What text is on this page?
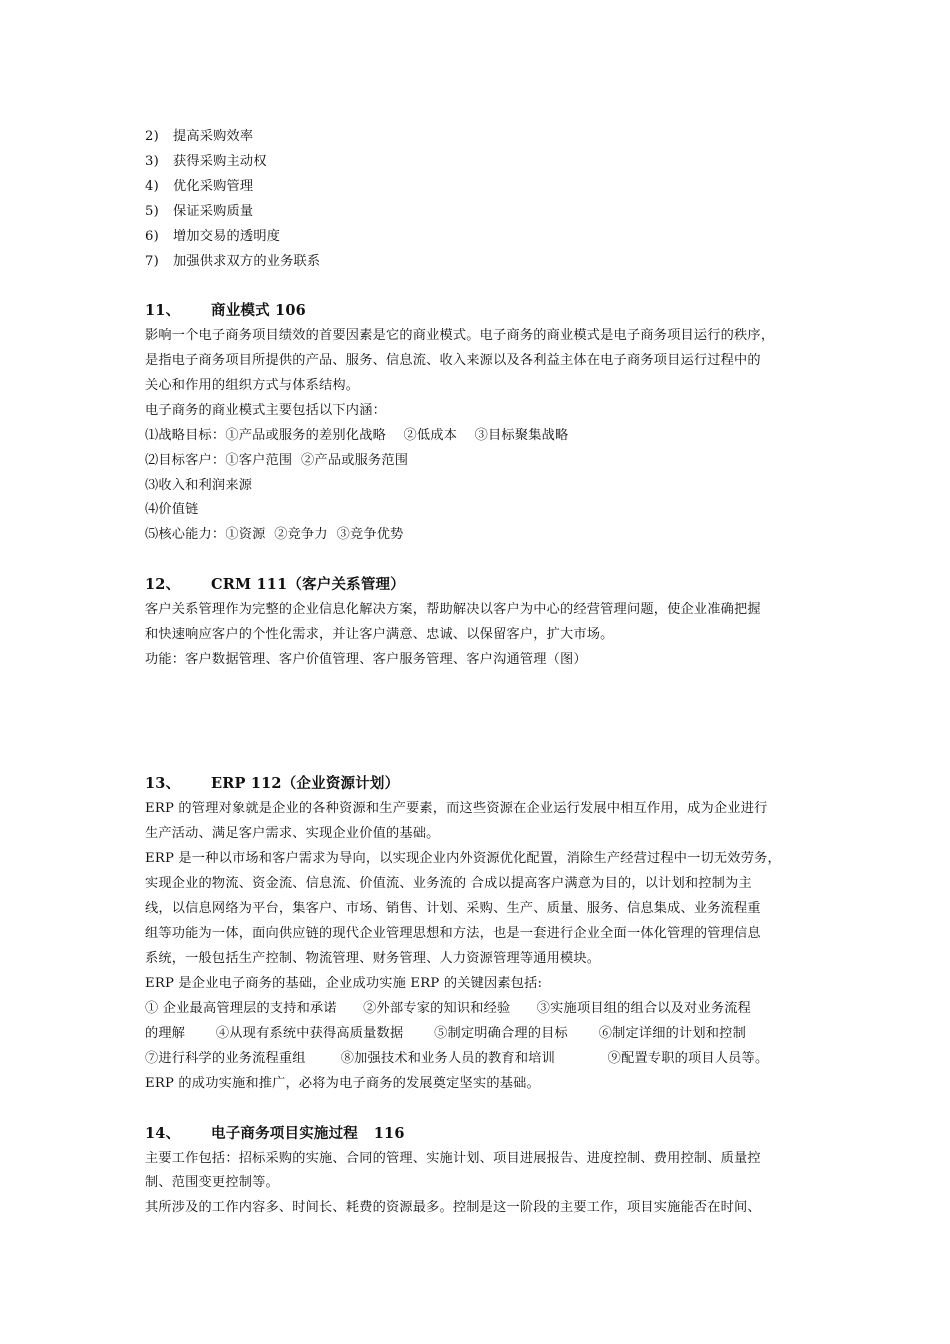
2)	提高采购效率
3)	获得采购主动权
4)	优化采购管理
5)	保证采购质量
6)	增加交易的透明度
7)	加强供求双方的业务联系
11、 商业模式 106
影响一个电子商务项目绩效的首要因素是它的商业模式。电子商务的商业模式是电子商务项目运行的秩序，
是指电子商务项目所提供的产品、服务、信息流、收入来源以及各利益主体在电子商务项目运行过程中的
关心和作用的组织方式与体系结构。
电子商务的商业模式主要包括以下内涵：
⑴战略目标：①产品或服务的差别化战略    ②低成本    ③目标聚集战略
⑵目标客户：①客户范围  ②产品或服务范围
⑶收入和利润来源
⑷价值链
⑸核心能力：①资源  ②竞争力  ③竞争优势
12、 CRM 111（客户关系管理）
客户关系管理作为完整的企业信息化解决方案，帮助解决以客户为中心的经营管理问题，使企业准确把握
和快速响应客户的个性化需求，并让客户满意、忠诚、以保留客户，扩大市场。
功能：客户数据管理、客户价值管理、客户服务管理、客户沟通管理（图）
13、 ERP 112（企业资源计划）
ERP 的管理对象就是企业的各种资源和生产要素，而这些资源在企业运行发展中相互作用，成为企业进行
生产活动、满足客户需求、实现企业价值的基础。
ERP 是一种以市场和客户需求为导向，以实现企业内外资源优化配置，消除生产经营过程中一切无效劳务，
实现企业的物流、资金流、信息流、价值流、业务流的 合成以提高客户满意为目的，以计划和控制为主
线，以信息网络为平台，集客户、市场、销售、计划、采购、生产、质量、服务、信息集成、业务流程重
组等功能为一体，面向供应链的现代企业管理思想和方法，也是一套进行企业全面一体化管理的管理信息
系统，一般包括生产控制、物流管理、财务管理、人力资源管理等通用模块。
ERP 是企业电子商务的基础，企业成功实施 ERP 的关键因素包括:
① 企业最高管理层的支持和承诺      ②外部专家的知识和经验      ③实施项目组的组合以及对业务流程
的理解       ④从现有系统中获得高质量数据       ⑤制定明确合理的目标       ⑥制定详细的计划和控制
⑦进行科学的业务流程重组        ⑧加强技术和业务人员的教育和培训            ⑨配置专职的项目人员等。
ERP 的成功实施和推广，必将为电子商务的发展奠定坚实的基础。
14、 电子商务项目实施过程   116
主要工作包括：招标采购的实施、合同的管理、实施计划、项目进展报告、进度控制、费用控制、质量控
制、范围变更控制等。
其所涉及的工作内容多、时间长、耗费的资源最多。控制是这一阶段的主要工作，项目实施能否在时间、
